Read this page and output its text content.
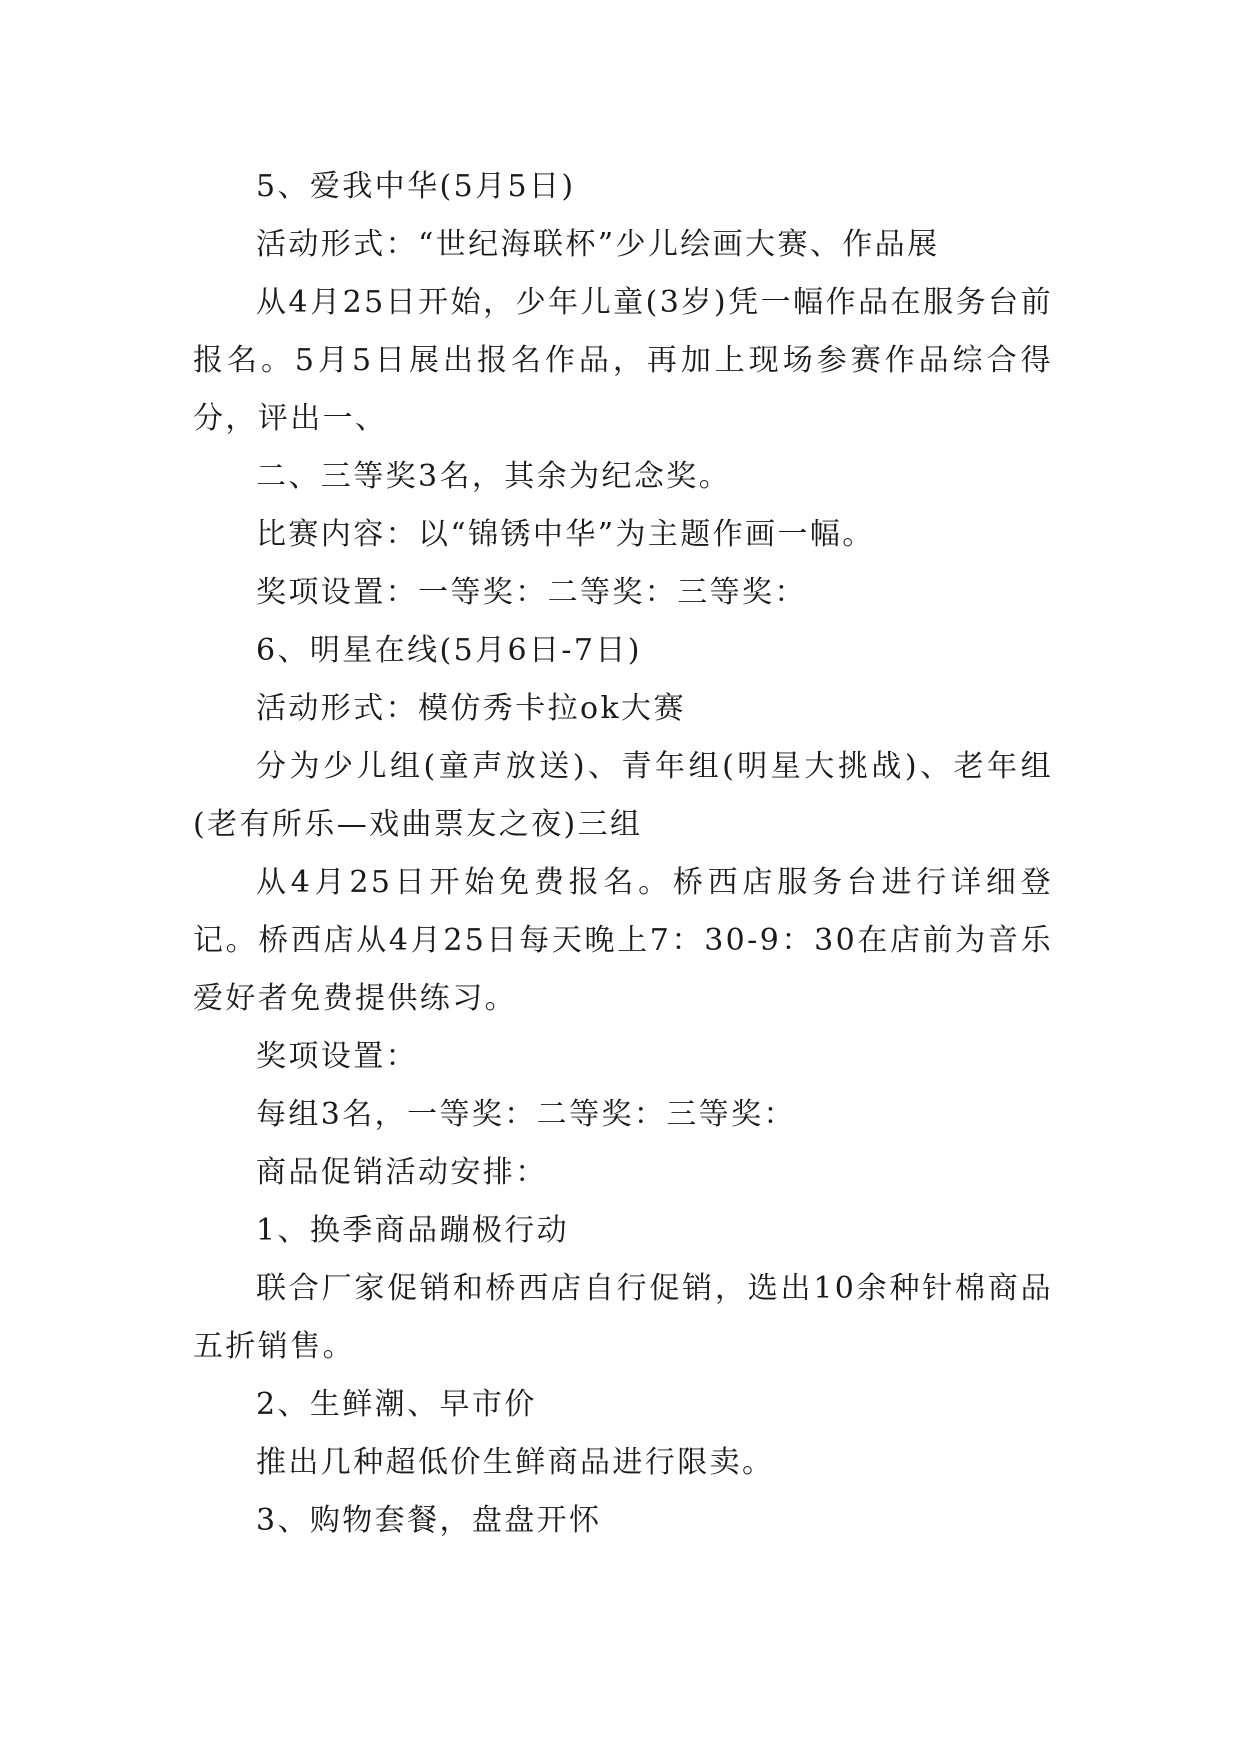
5、爱我中华(5月5日)

活动形式：“世纪海联杯”少儿绘画大赛、作品展

从4月25日开始，少年儿童(3岁)凭一幅作品在服务台前报名。5月5日展出报名作品，再加上现场参赛作品综合得分，评出一、

二、三等奖3名，其余为纪念奖。

比赛内容：以“锦锈中华”为主题作画一幅。

奖项设置：一等奖：二等奖：三等奖：

6、明星在线(5月6日-7日)

活动形式：模仿秀卡拉ok大赛

分为少儿组(童声放送)、青年组(明星大挑战)、老年组(老有所乐—戏曲票友之夜)三组

从4月25日开始免费报名。桥西店服务台进行详细登记。桥西店从4月25日每天晚上7：30-9：30在店前为音乐爱好者免费提供练习。

奖项设置：

每组3名，一等奖：二等奖：三等奖：

商品促销活动安排：

1、换季商品蹦极行动

联合厂家促销和桥西店自行促销，选出10余种针棉商品五折销售。

2、生鲜潮、早市价

推出几种超低价生鲜商品进行限卖。

3、购物套餐，盘盘开怀
